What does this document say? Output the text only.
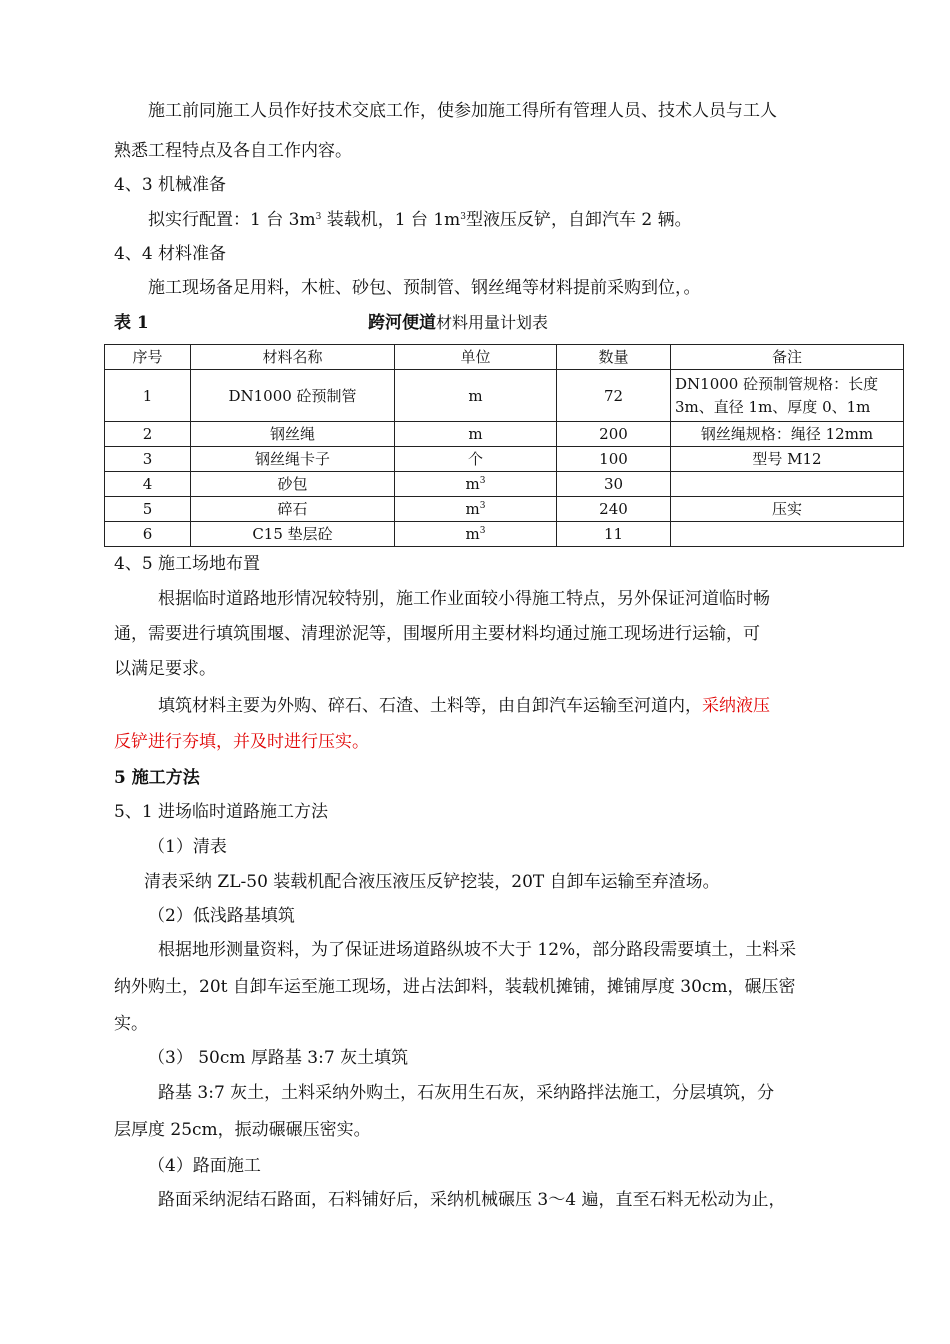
施工前同施工人员作好技术交底工作，使参加施工得所有管理人员、技术人员与工人
熟悉工程特点及各自工作内容。
4、3 机械准备
拟实行配置：1 台 $3m^3$ 装载机，1 台 $1m^3$型液压反铲，自卸汽车 2 辆。
4、4 材料准备
施工现场备足用料，木桩、砂包、预制管、钢丝绳等材料提前采购到位，。
表 1	跨河便道材料用量计划表
序号	材料名称	单位	数量	备注
1	DN1000 砼预制管	m	72	DN1000 砼预制管规格：长度 3m、直径 1m、厚度 0、1m
2	钢丝绳	m	200	钢丝绳规格：绳径 12mm
3	钢丝绳卡子	个	100	型号 M12
4	砂包	$m^3$	30	
5	碎石	$m^3$	240	压实
6	C15 垫层砼	$m^3$	11	
4、5 施工场地布置
根据临时道路地形情况较特别，施工作业面较小得施工特点，另外保证河道临时畅
通，需要进行填筑围堰、清理淤泥等，围堰所用主要材料均通过施工现场进行运输，可
以满足要求。
填筑材料主要为外购、碎石、石渣、土料等，由自卸汽车运输至河道内，采纳液压
反铲进行夯填，并及时进行压实。
5 施工方法
5、1 进场临时道路施工方法
（1）清表
清表采纳 ZL-50 装载机配合液压液压反铲挖装，20T 自卸车运输至弃渣场。
（2）低浅路基填筑
根据地形测量资料，为了保证进场道路纵坡不大于 12%，部分路段需要填土，土料采
纳外购土，20t 自卸车运至施工现场，进占法卸料，装载机摊铺，摊铺厚度 30cm，碾压密
实。
（3） 50cm 厚路基 3:7 灰土填筑
路基 3:7 灰土，土料采纳外购土，石灰用生石灰，采纳路拌法施工，分层填筑，分
层厚度 25cm，振动碾碾压密实。
（4）路面施工
路面采纳泥结石路面，石料铺好后，采纳机械碾压 3～4 遍，直至石料无松动为止，
